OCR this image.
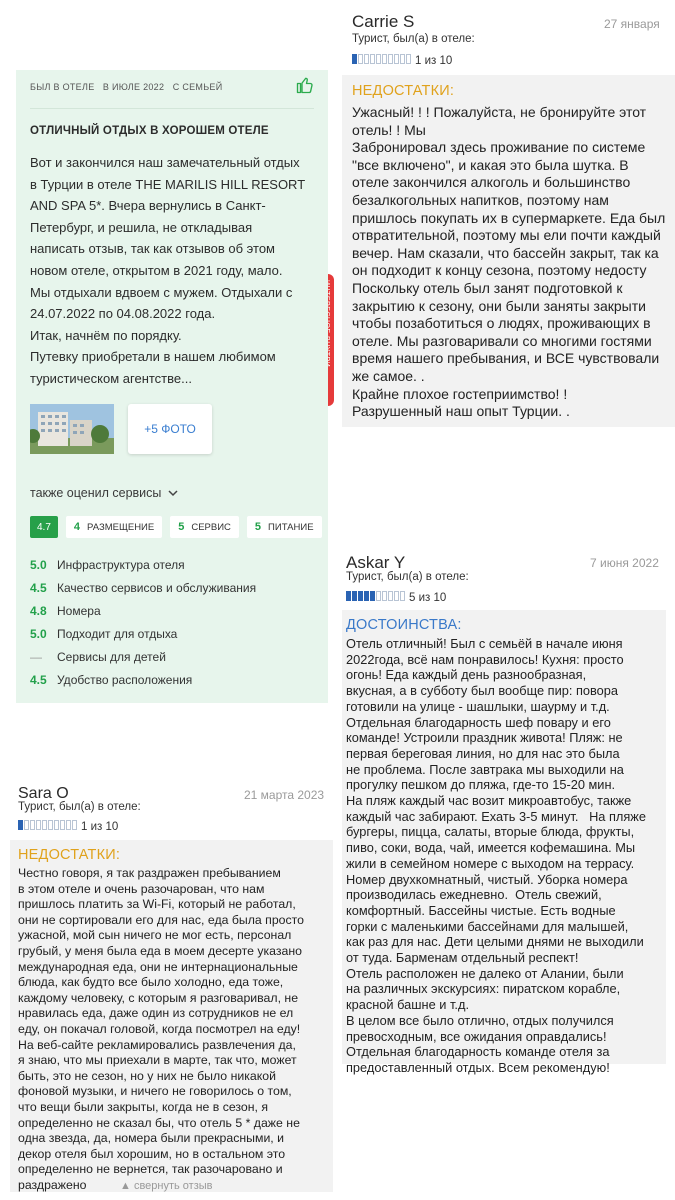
Carrie S	27 января
Турист, был(а) в отеле:
1 из 10
НЕДОСТАТКИ:
Ужасный! ! ! Пожалуйста, не бронируйте этот
отель! ! Мы
Забронировал здесь проживание по системе
"все включено", и какая это была шутка. В
отеле закончился алкоголь и большинство
безалкогольных напитков, поэтому нам
пришлось покупать их в супермаркете. Еда был
отвратительной, поэтому мы ели почти каждый
вечер. Нам сказали, что бассейн закрыт, так ка
он подходит к концу сезона, поэтому недосту
Поскольку отель был занят подготовкой к
закрытию к сезону, они были заняты закрыти
чтобы позаботиться о людях, проживающих в
отеле. Мы разговаривали со многими гостями
время нашего пребывания, и ВСЕ чувствовали
же самое. .
Крайне плохое гостеприимство! !
Разрушенный наш опыт Турции. .
БЫЛ В ОТЕЛЕ В ИЮЛЕ 2022 С СЕМЬЕЙ
ОТЛИЧНЫЙ ОТДЫХ В ХОРОШЕМ ОТЕЛЕ
Вот и закончился наш замечательный отдых
в Турции в отеле THE MARILIS HILL RESORT
AND SPA 5*. Вчера вернулись в Санкт-
Петербург, и решила, не откладывая
написать отзыв, так как отзывов об этом
новом отеле, открытом в 2021 году, мало.
Мы отдыхали вдвоем с мужем. Отдыхали с
24.07.2022 по 04.08.2022 года.
Итак, начнём по порядку.
Путевку приобретали в нашем любимом
туристическом агентстве...
+5 ФОТО
также оценил сервисы
4.7	4 РАЗМЕЩЕНИЕ 5 СЕРВИС 5 ПИТАНИЕ
5.0 Инфраструктура отеля
4.5 Качество сервисов и обслуживания
4.8 Номера
5.0 Подходит для отдыха
—	Сервисы для детей
4.5 Удобство расположения
Askar Y	7 июня 2022
Турист, был(а) в отеле:
5 из 10
ДОСТОИНСТВА:
Отель отличный! Был с семьёй в начале июня
2022года, всё нам понравилось! Кухня: просто
огонь! Еда каждый день разнообразная,
вкусная, а в субботу был вообще пир: повора
готовили на улице - шашлыки, шаурму и т.д.
Отдельная благодарность шеф повару и его
команде! Устроили праздник живота! Пляж: не
первая береговая линия, но для нас это была
не проблема. После завтрака мы выходили на
прогулку пешком до пляжа, где-то 15-20 мин.
На пляж каждый час возит микроавтобус, также
каждый час забирают. Ехать 3-5 минут.   На пляже
бургеры, пицца, салаты, вторые блюда, фрукты,
пиво, соки, вода, чай, имеется кофемашина. Мы
жили в семейном номере с выходом на террасу.
Номер двухкомнатный, чистый. Уборка номера
производилась ежедневно.  Отель свежий,
комфортный. Бассейны чистые. Есть водные
горки с маленькими бассейнами для малышей,
как раз для нас. Дети целыми днями не выходили
от туда. Барменам отдельный респект!
Отель расположен не далеко от Алании, были
на различных экскурсиях: пиратском корабле,
красной башне и т.д.
В целом все было отлично, отдых получился
превосходным, все ожидания оправдались!
Отдельная благодарность команде отеля за
предоставленный отдых. Всем рекомендую!
Sara O	21 марта 2023
Турист, был(а) в отеле:
1 из 10
НЕДОСТАТКИ:
Честно говоря, я так раздражен пребыванием
в этом отеле и очень разочарован, что нам
пришлось платить за Wi-Fi, который не работал,
они не сортировали его для нас, еда была просто
ужасной, мой сын ничего не мог есть, персонал
грубый, у меня была еда в моем десерте указано
международная еда, они не интернациональные
блюда, как будто все было холодно, еда тоже,
каждому человеку, с которым я разговаривал, не
нравилась еда, даже один из сотрудников не ел
еду, он покачал головой, когда посмотрел на еду!
На веб-сайте рекламировались развлечения да,
я знаю, что мы приехали в марте, так что, может
быть, это не сезон, но у них не было никакой
фоновой музыки, и ничего не говорилось о том,
что вещи были закрыты, когда не в сезон, я
определенно не сказал бы, что отель 5 * даже не
одна звезда, да, номера были прекрасными, и
декор отеля был хорошим, но в остальном это
определенно не вернется, так разочаровано и
раздражено	▲ свернуть отзыв
